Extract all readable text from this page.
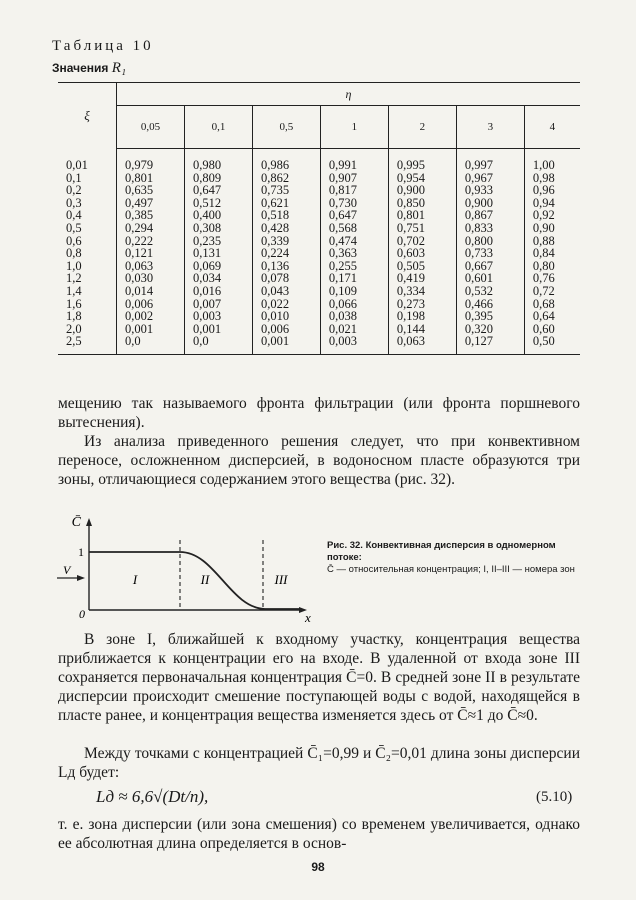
Таблица 10
Значения R₁
ξ	η						
	0,05	0,1	0,5	1	2	3	4
0,01	0,979	0,980	0,986	0,991	0,995	0,997	1,00
0,1	0,801	0,809	0,862	0,907	0,954	0,967	0,98
0,2	0,635	0,647	0,735	0,817	0,900	0,933	0,96
0,3	0,497	0,512	0,621	0,730	0,850	0,900	0,94
0,4	0,385	0,400	0,518	0,647	0,801	0,867	0,92
0,5	0,294	0,308	0,428	0,568	0,751	0,833	0,90
0,6	0,222	0,235	0,339	0,474	0,702	0,800	0,88
0,8	0,121	0,131	0,224	0,363	0,603	0,733	0,84
1,0	0,063	0,069	0,136	0,255	0,505	0,667	0,80
1,2	0,030	0,034	0,078	0,171	0,419	0,601	0,76
1,4	0,014	0,016	0,043	0,109	0,334	0,532	0,72
1,6	0,006	0,007	0,022	0,066	0,273	0,466	0,68
1,8	0,002	0,003	0,010	0,038	0,198	0,395	0,64
2,0	0,001	0,001	0,006	0,021	0,144	0,320	0,60
2,5	0,0	0,0	0,001	0,003	0,063	0,127	0,50

мещению так называемого фронта фильтрации (или фронта поршневого вытеснения).

Из анализа приведенного решения следует, что при конвективном переносе, осложненном дисперсией, в водоносном пласте образуются три зоны, отличающиеся содержанием этого вещества (рис. 32).

C̄
1
0
V
x
I	II	III
Рис. 32. Конвективная дисперсия в одномерном потоке:
C̄ — относительная концентрация; I, II–III — номера зон

В зоне I, ближайшей к входному участку, концентрация вещества приближается к концентрации его на входе. В удаленной от входа зоне III сохраняется первоначальная концентрация C̄=0. В средней зоне II в результате дисперсии происходит смешение поступающей воды с водой, находящейся в пласте ранее, и концентрация вещества изменяется здесь от C̄≈1 до C̄≈0.

Между точками с концентрацией C̄₁=0,99 и C̄₂=0,01 длина зоны дисперсии Lд будет:

Lд ≈ 6,6√(Dt/n),	(5.10)

т. е. зона дисперсии (или зона смешения) со временем увеличивается, однако ее абсолютная длина определяется в основ-

98
